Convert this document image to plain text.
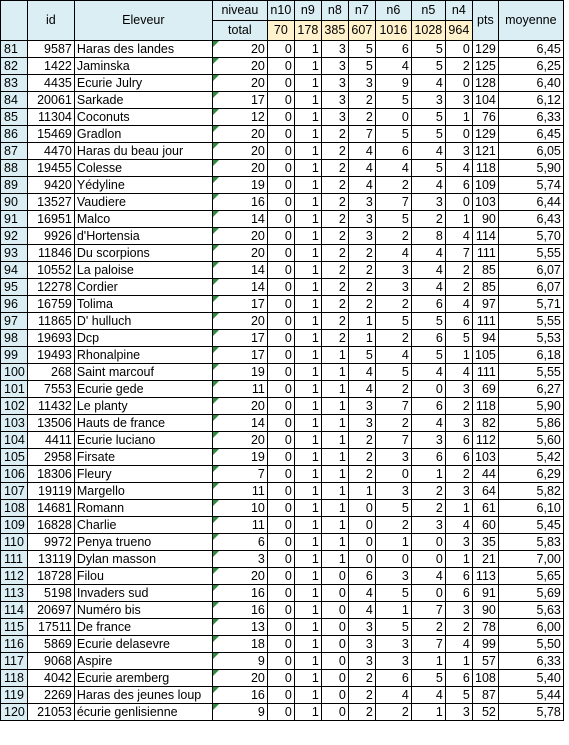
	id	Eleveur	niveau	n10	n9	n8	n7	n6	n5	n4	pts	moyenne
			total	70	178	385	607	1016	1028	964		
81	9587	Haras des landes	20	0	1	3	5	6	5	0	129	6,45
82	1422	Jaminska	20	0	1	3	5	4	5	2	125	6,25
83	4435	Ecurie Julry	20	0	1	3	3	9	4	0	128	6,40
84	20061	Sarkade	17	0	1	3	2	5	3	3	104	6,12
85	11304	Coconuts	12	0	1	3	2	0	5	1	76	6,33
86	15469	Gradlon	20	0	1	2	7	5	5	0	129	6,45
87	4470	Haras du beau jour	20	0	1	2	4	6	4	3	121	6,05
88	19455	Colesse	20	0	1	2	4	4	5	4	118	5,90
89	9420	Yédyline	19	0	1	2	4	2	4	6	109	5,74
90	13527	Vaudiere	16	0	1	2	3	7	3	0	103	6,44
91	16951	Malco	14	0	1	2	3	5	2	1	90	6,43
92	9926	d'Hortensia	20	0	1	2	3	2	8	4	114	5,70
93	11846	Du scorpions	20	0	1	2	2	4	4	7	111	5,55
94	10552	La paloise	14	0	1	2	2	3	4	2	85	6,07
95	12278	Cordier	14	0	1	2	2	3	4	2	85	6,07
96	16759	Tolima	17	0	1	2	2	2	6	4	97	5,71
97	11865	D' hulluch	20	0	1	2	1	5	5	6	111	5,55
98	19693	Dcp	17	0	1	2	1	2	6	5	94	5,53
99	19493	Rhonalpine	17	0	1	1	5	4	5	1	105	6,18
100	268	Saint marcouf	19	0	1	1	4	5	4	4	111	5,55
101	7553	Ecurie gede	11	0	1	1	4	2	0	3	69	6,27
102	11432	Le planty	20	0	1	1	3	7	6	2	118	5,90
103	13506	Hauts de france	14	0	1	1	3	2	4	3	82	5,86
104	4411	Ecurie luciano	20	0	1	1	2	7	3	6	112	5,60
105	2958	Firsate	19	0	1	1	2	3	6	6	103	5,42
106	18306	Fleury	7	0	1	1	2	0	1	2	44	6,29
107	19119	Margello	11	0	1	1	1	3	2	3	64	5,82
108	14681	Romann	10	0	1	1	0	5	2	1	61	6,10
109	16828	Charlie	11	0	1	1	0	2	3	4	60	5,45
110	9972	Penya trueno	6	0	1	1	0	1	0	3	35	5,83
111	13119	Dylan masson	3	0	1	1	0	0	0	1	21	7,00
112	18728	Filou	20	0	1	0	6	3	4	6	113	5,65
113	5198	Invaders sud	16	0	1	0	4	5	0	6	91	5,69
114	20697	Numéro bis	16	0	1	0	4	1	7	3	90	5,63
115	17511	De france	13	0	1	0	3	5	2	2	78	6,00
116	5869	Ecurie delasevre	18	0	1	0	3	3	7	4	99	5,50
117	9068	Aspire	9	0	1	0	3	3	1	1	57	6,33
118	4042	Ecurie aremberg	20	0	1	0	2	6	5	6	108	5,40
119	2269	Haras des jeunes loup	16	0	1	0	2	4	4	5	87	5,44
120	21053	écurie genlisienne	9	0	1	0	2	2	1	3	52	5,78
